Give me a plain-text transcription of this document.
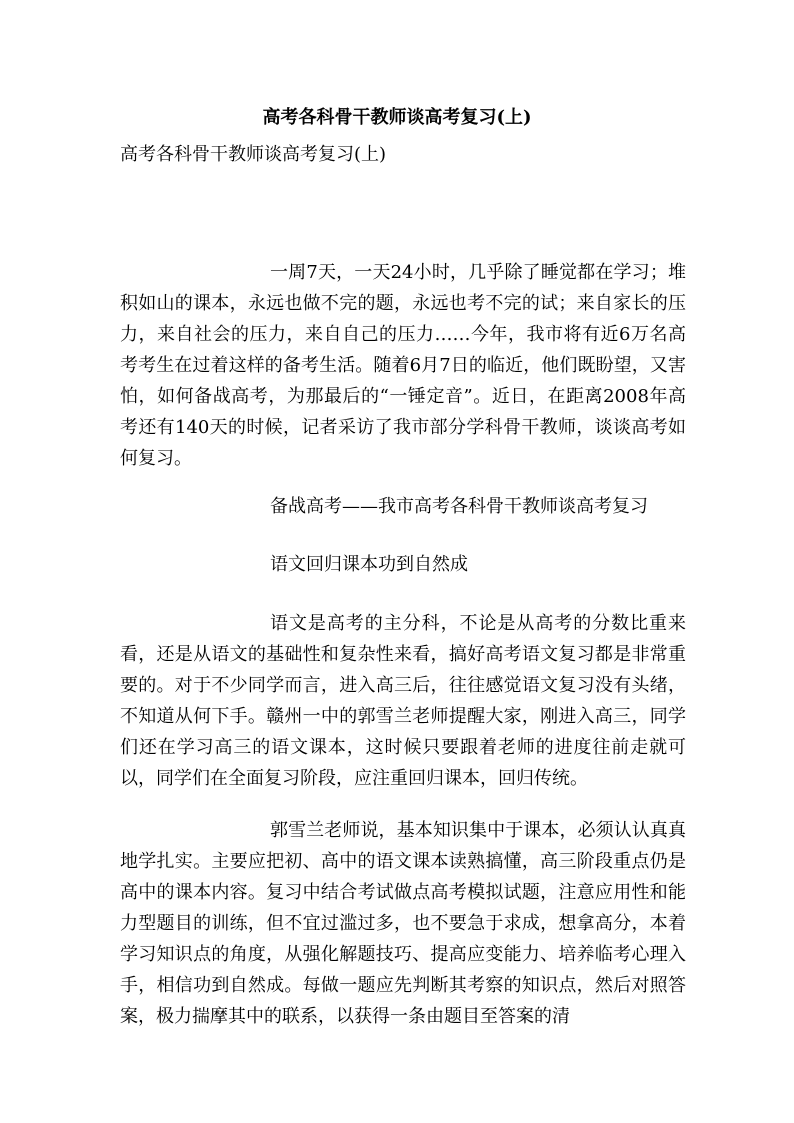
高考各科骨干教师谈高考复习(上)
高考各科骨干教师谈高考复习(上)

一周7天，一天24小时，几乎除了睡觉都在学习；堆积如山的课本，永远也做不完的题，永远也考不完的试；来自家长的压力，来自社会的压力，来自自己的压力……今年，我市将有近6万名高考考生在过着这样的备考生活。随着6月7日的临近，他们既盼望，又害怕，如何备战高考，为那最后的“一锤定音”。近日，在距离2008年高考还有140天的时候，记者采访了我市部分学科骨干教师，谈谈高考如何复习。

备战高考——我市高考各科骨干教师谈高考复习
语文回归课本功到自然成

语文是高考的主分科，不论是从高考的分数比重来看，还是从语文的基础性和复杂性来看，搞好高考语文复习都是非常重要的。对于不少同学而言，进入高三后，往往感觉语文复习没有头绪，不知道从何下手。赣州一中的郭雪兰老师提醒大家，刚进入高三，同学们还在学习高三的语文课本，这时候只要跟着老师的进度往前走就可以，同学们在全面复习阶段，应注重回归课本，回归传统。

郭雪兰老师说，基本知识集中于课本，必须认认真真地学扎实。主要应把初、高中的语文课本读熟搞懂，高三阶段重点仍是高中的课本内容。复习中结合考试做点高考模拟试题，注意应用性和能力型题目的训练，但不宜过滥过多，也不要急于求成，想拿高分，本着学习知识点的角度，从强化解题技巧、提高应变能力、培养临考心理入手，相信功到自然成。每做一题应先判断其考察的知识点，然后对照答案，极力揣摩其中的联系，以获得一条由题目至答案的清
